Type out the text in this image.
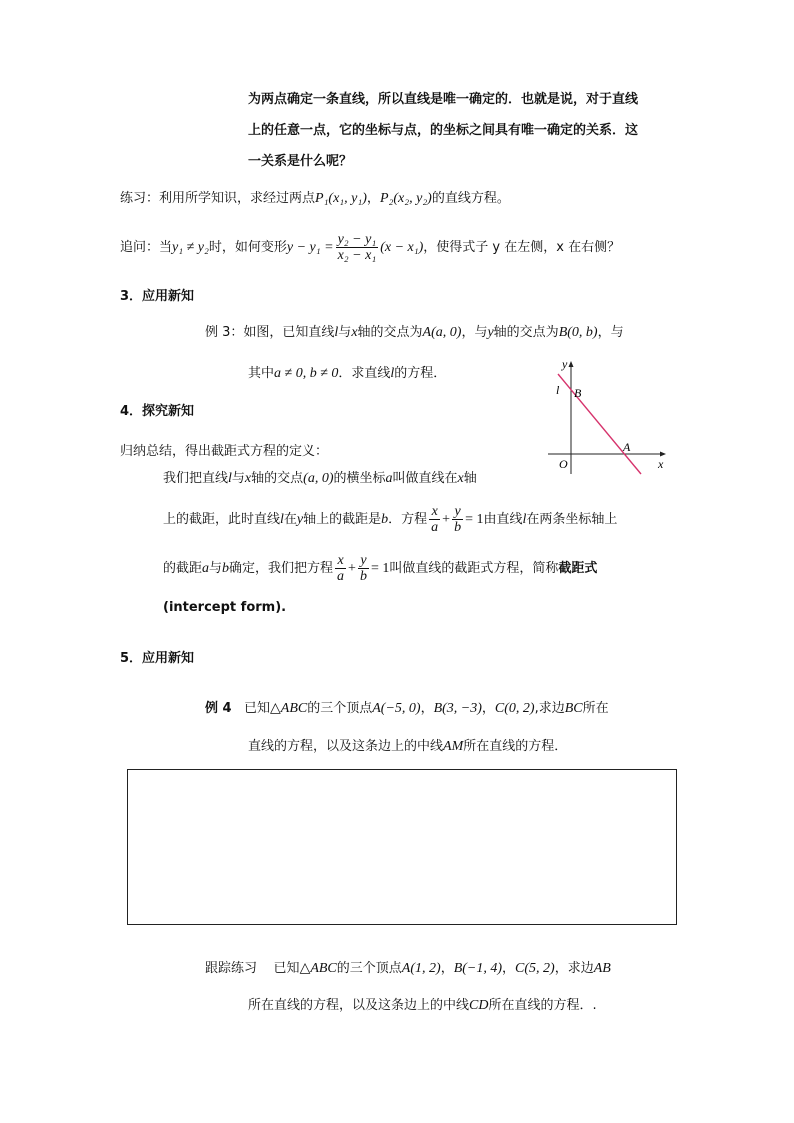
为两点确定一条直线，所以直线是唯一确定的．也就是说，对于直线
上的任意一点，它的坐标与点，的坐标之间具有唯一确定的关系．这
一关系是什么呢？
练习：利用所学知识，求经过两点P₁(x₁, y₁)，P₂(x₂, y₂)的直线方程。
追问：当y₁ ≠ y₂时，如何变形$y - y_1 = \frac{\text{y₂ − y₁}}{\text{x₂ − x₁}} (x - x_1)$，使得式子 y 在左侧，x 在右侧？
3．应用新知
例 3：如图，已知直线l与x轴的交点为A(a, 0)，与y轴的交点为B(0, b)，与
其中a ≠ 0, b ≠ 0．求直线l的方程．
y
x
O
l B
A
4．探究新知
归纳总结，得出截距式方程的定义：
我们把直线l与x轴的交点(a, 0)的横坐标a叫做直线在x轴
上的截距，此时直线l在y轴上的截距是b．方程 $\frac{x}{a} + \frac{y}{b} = 1$由直线l在两条坐标轴上
的截距a与b确定，我们把方程 $\frac{x}{a} + \frac{y}{b} = 1$叫做直线的截距式方程，简称截距式
(intercept form).
5．应用新知
例 4 已知△ABC的三个顶点A(−5, 0)，B(3, −3)，C(0, 2),求边BC所在
直线的方程，以及这条边上的中线AM所在直线的方程．
跟踪练习 已知△ABC的三个顶点A(1, 2)，B(−1, 4)，C(5, 2)，求边AB
所在直线的方程，以及这条边上的中线CD所在直线的方程．.
